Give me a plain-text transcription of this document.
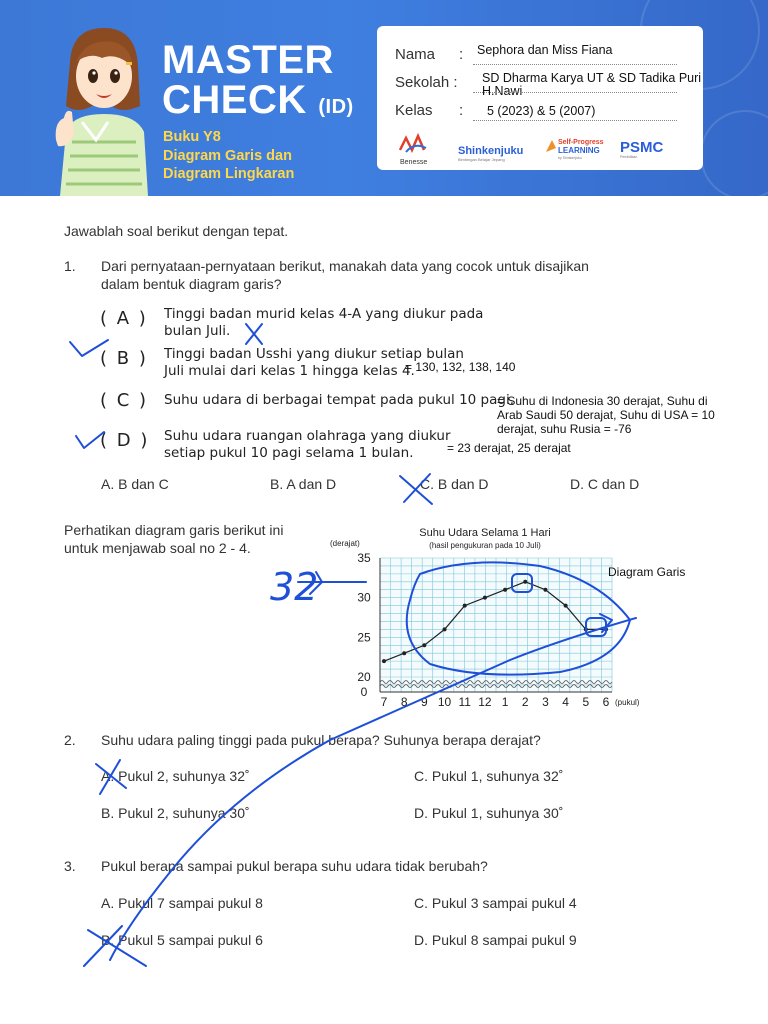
MASTER
CHECK (ID)
Buku Y8
Diagram Garis dan
Diagram Lingkaran
Nama : Sephora dan Miss Fiana
Sekolah : SD Dharma Karya UT & SD Tadika Puri H.Nawi
Kelas : 5 (2023) & 5 (2007)
Benesse
Shinkenjuku
Bimbingan Belajar Jepang
Self-Progress
LEARNING
by Shinkenjuku
PSMC
Pendidikan
Jawablah soal berikut dengan tepat.
1. Dari pernyataan-pernyataan berikut, manakah data yang cocok untuk disajikan
dalam bentuk diagram garis?
( A ) Tinggi badan murid kelas 4-A yang diukur pada
bulan Juli.
( B ) Tinggi badan Usshi yang diukur setiap bulan
Juli mulai dari kelas 1 hingga kelas 4.
= 130, 132, 138, 140
( C ) Suhu udara di berbagai tempat pada pukul 10 pagi.
= Suhu di Indonesia 30 derajat, Suhu di
Arab Saudi 50 derajat, Suhu di USA = 10
derajat, suhu Rusia = -76
( D ) Suhu udara ruangan olahraga yang diukur
setiap pukul 10 pagi selama 1 bulan.	= 23 derajat, 25 derajat
A. B dan C	B. A dan D	C. B dan D	D. C dan D
Perhatikan diagram garis berikut ini
untuk menjawab soal no 2 - 4.
Suhu Udara Selama 1 Hari
(hasil pengukuran pada 10 Juli)
(derajat)
(pukul)
35
30
25
20
0
7 8 9 10 11 12 1 2 3 4 5 6
Diagram Garis
2. Suhu udara paling tinggi pada pukul berapa? Suhunya berapa derajat?
A. Pukul 2, suhunya 32˚
B. Pukul 2, suhunya 30˚
C. Pukul 1, suhunya 32˚
D. Pukul 1, suhunya 30˚
3. Pukul berapa sampai pukul berapa suhu udara tidak berubah?
A. Pukul 7 sampai pukul 8
B. Pukul 5 sampai pukul 6
C. Pukul 3 sampai pukul 4
D. Pukul 8 sampai pukul 9
32
